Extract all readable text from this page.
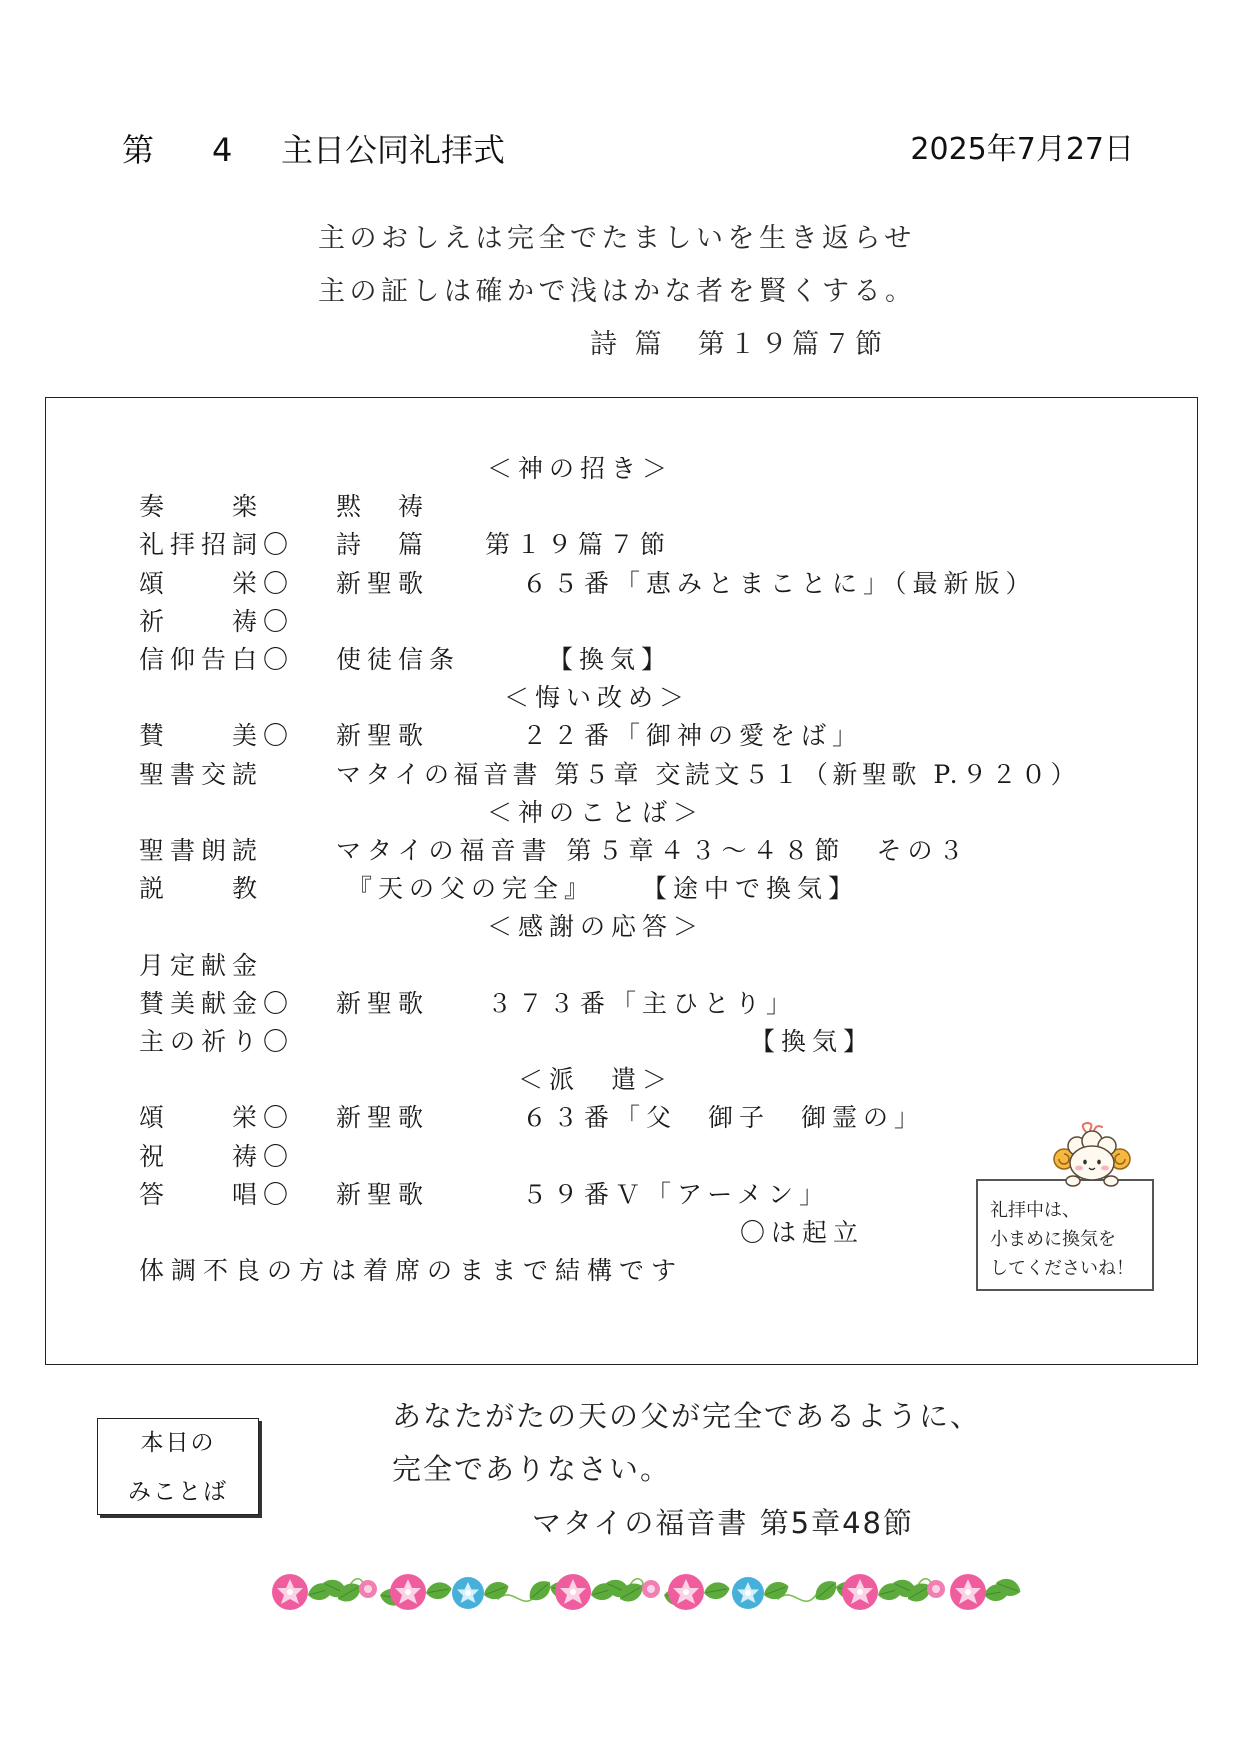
第 4 主日公同礼拝式	2025年7月27日
主のおしえは完全でたましいを生き返らせ
主の証しは確かで浅はかな者を賢くする。
詩 篇　第１９篇７節
＜神の招き＞
奏　　楽	黙　祷
礼拝招詞〇 詩　篇 第１９篇７節
頌　　栄〇 新聖歌	６５番「恵みとまことに」（最新版）
祈　　祷〇
信仰告白〇 使徒信条	【換気】
＜悔い改め＞
賛　　美〇 新聖歌	２２番「御神の愛をば」
聖書交読	マタイの福音書 第５章 交読文５１（新聖歌 P.９２０）
＜神のことば＞
聖書朗読	マタイの福音書 第５章４３～４８節　その３
説　　教	『天の父の完全』 【途中で換気】
＜感謝の応答＞
月定献金
賛美献金〇 新聖歌 ３７３番「主ひとり」
主の祈り〇	【換気】
＜派　遣＞
頌　　栄〇 新聖歌	６３番「父　御子　御霊の」
祝　　祷〇
答　　唱〇 新聖歌	５９番Ｖ「アーメン」
〇は起立
体調不良の方は着席のままで結構です
礼拝中は、
小まめに換気を
してくださいね！
本日の
みことば
あなたがたの天の父が完全であるように、
完全でありなさい。
マタイの福音書 第5章48節
